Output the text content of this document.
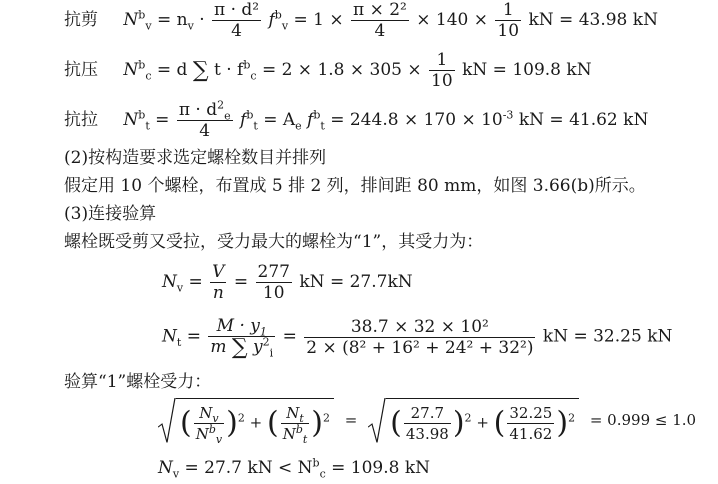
抗剪 $N^b_v = n_v \cdot \frac{\text{π · d²}}{4} f^b_v = 1 \times \frac{\text{π × 2²}}{4} \times 140 \times \frac{1}{10}$ kN = 43.98 kN
抗压 $N^b_c = d$ ∑ $t \cdot f^b_c = 2 \times 1.8 \times 305 \times \frac{1}{10}$ kN = 109.8 kN
抗拉 $N^b_t = \frac{\pi \cdot d^2_e}{4} f^b_t = A_e$ $f^b_t = 244.8 \times 170 \times 10^{-3}$ kN = 41.62 kN
(2)按构造要求选定螺栓数目并排列
假定用 10 个螺栓，布置成 5 排 2 列，排间距 80 mm，如图 3.66(b)所示。
(3)连接验算
螺栓既受剪又受拉，受力最大的螺栓为“1”，其受力为：
$N_v = \frac{V}{n} = \frac{277}{10}$ kN = 27.7kN
$N_t = \frac{M \cdot y_1}{m \sum y^2_i} = \frac{\text{38.7 × 32 × 10²}}{\text{2 × (8² + 16² + 24² + 32²)}}$ kN = 32.25 kN
验算“1”螺栓受力：
( $\frac{N_v}{N^b_v} )^2$ + ( $\frac{N_t}{N^b_t} )^2$ = ( $\frac{27.7}{43.98} )^2$ + ( $\frac{32.25}{41.62} )^2 = 0.999 \le 1.0$
$N_v = 27.7$ kN < $N^b_c = 109.8$ kN
